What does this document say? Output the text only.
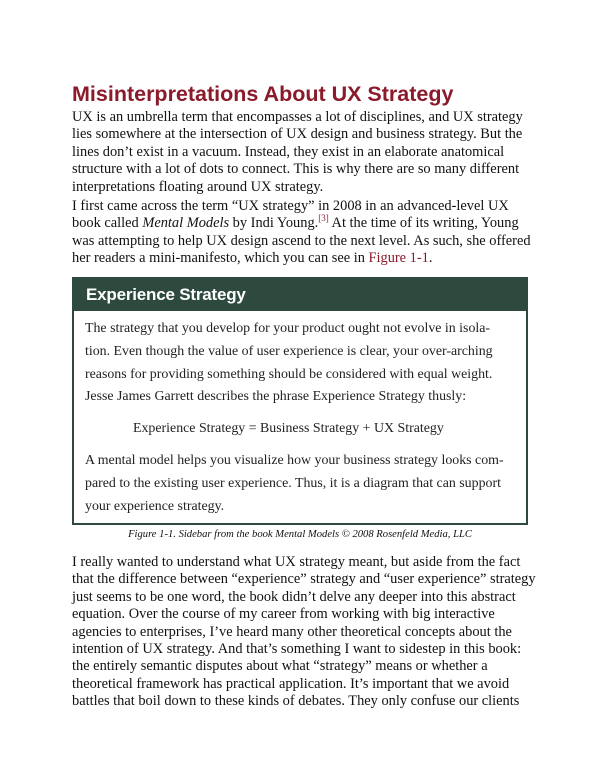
Misinterpretations About UX Strategy

UX is an umbrella term that encompasses a lot of disciplines, and UX strategy
lies somewhere at the intersection of UX design and business strategy. But the
lines don’t exist in a vacuum. Instead, they exist in an elaborate anatomical
structure with a lot of dots to connect. This is why there are so many different
interpretations floating around UX strategy.

I first came across the term “UX strategy” in 2008 in an advanced-level UX
book called Mental Models by Indi Young.[3] At the time of its writing, Young
was attempting to help UX design ascend to the next level. As such, she offered
her readers a mini-manifesto, which you can see in Figure 1-1.

Experience Strategy
The strategy that you develop for your product ought not evolve in isola-
tion. Even though the value of user experience is clear, your over-arching
reasons for providing something should be considered with equal weight.
Jesse James Garrett describes the phrase Experience Strategy thusly:
Experience Strategy = Business Strategy + UX Strategy
A mental model helps you visualize how your business strategy looks com-
pared to the existing user experience. Thus, it is a diagram that can support
your experience strategy.

Figure 1-1. Sidebar from the book Mental Models © 2008 Rosenfeld Media, LLC

I really wanted to understand what UX strategy meant, but aside from the fact
that the difference between “experience” strategy and “user experience” strategy
just seems to be one word, the book didn’t delve any deeper into this abstract
equation. Over the course of my career from working with big interactive
agencies to enterprises, I’ve heard many other theoretical concepts about the
intention of UX strategy. And that’s something I want to sidestep in this book:
the entirely semantic disputes about what “strategy” means or whether a
theoretical framework has practical application. It’s important that we avoid
battles that boil down to these kinds of debates. They only confuse our clients
